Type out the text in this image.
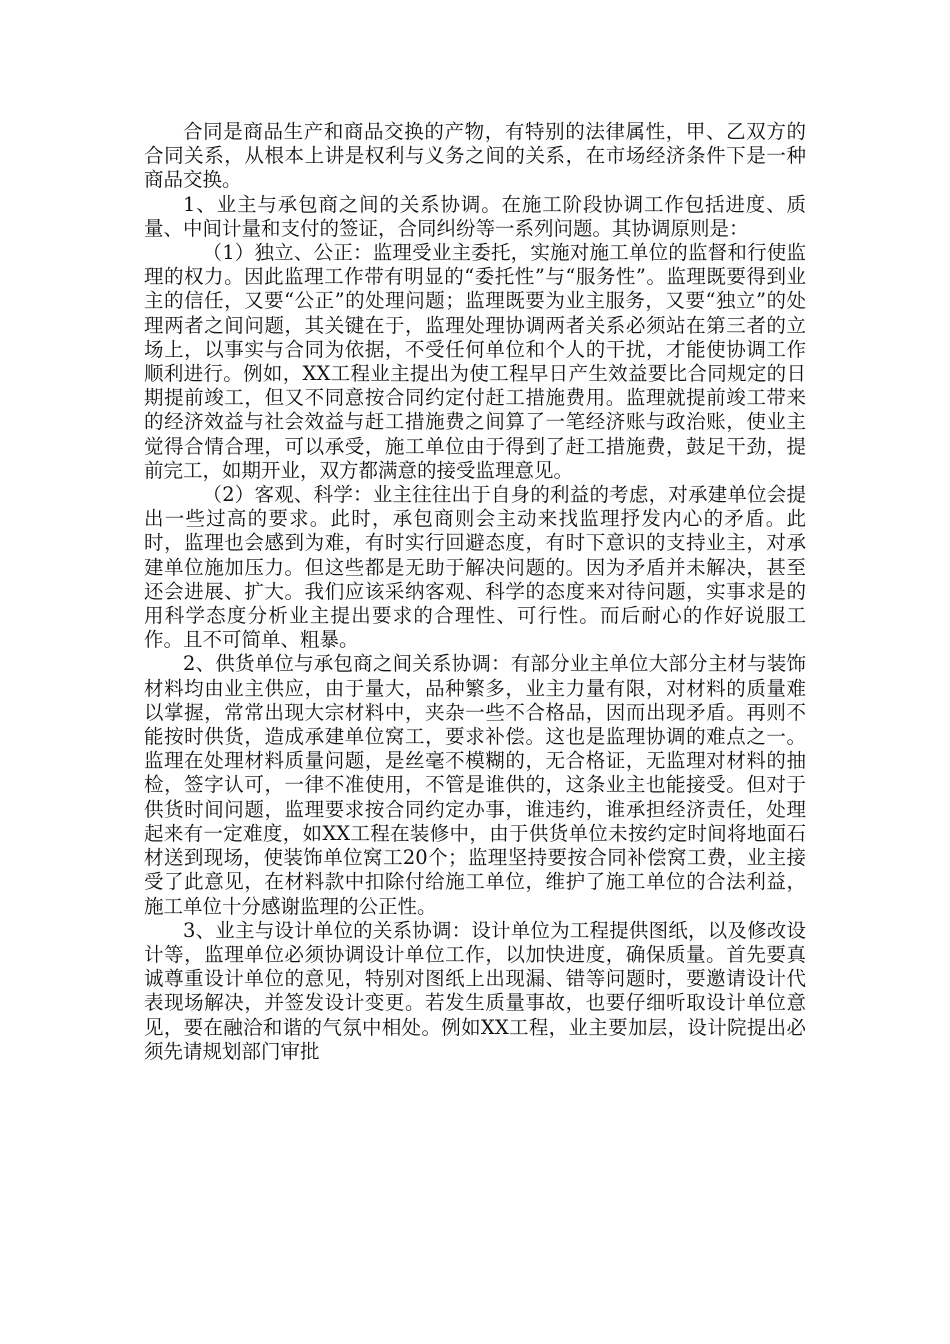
合同是商品生产和商品交换的产物，有特别的法律属性，甲、乙双方的合同关系，从根本上讲是权利与义务之间的关系，在市场经济条件下是一种商品交换。

1、业主与承包商之间的关系协调。在施工阶段协调工作包括进度、质量、中间计量和支付的签证，合同纠纷等一系列问题。其协调原则是：

（1）独立、公正：监理受业主委托，实施对施工单位的监督和行使监理的权力。因此监理工作带有明显的“委托性”与“服务性”。监理既要得到业主的信任，又要“公正”的处理问题；监理既要为业主服务，又要“独立”的处理两者之间问题，其关键在于，监理处理协调两者关系必须站在第三者的立场上，以事实与合同为依据，不受任何单位和个人的干扰，才能使协调工作顺利进行。例如，XX工程业主提出为使工程早日产生效益要比合同规定的日期提前竣工，但又不同意按合同约定付赶工措施费用。监理就提前竣工带来的经济效益与社会效益与赶工措施费之间算了一笔经济账与政治账，使业主觉得合情合理，可以承受，施工单位由于得到了赶工措施费，鼓足干劲，提前完工，如期开业，双方都满意的接受监理意见。

（2）客观、科学：业主往往出于自身的利益的考虑，对承建单位会提出一些过高的要求。此时，承包商则会主动来找监理抒发内心的矛盾。此时，监理也会感到为难，有时实行回避态度，有时下意识的支持业主，对承建单位施加压力。但这些都是无助于解决问题的。因为矛盾并未解决，甚至还会进展、扩大。我们应该采纳客观、科学的态度来对待问题，实事求是的用科学态度分析业主提出要求的合理性、可行性。而后耐心的作好说服工作。且不可简单、粗暴。

2、供货单位与承包商之间关系协调：有部分业主单位大部分主材与装饰材料均由业主供应，由于量大，品种繁多，业主力量有限，对材料的质量难以掌握，常常出现大宗材料中，夹杂一些不合格品，因而出现矛盾。再则不能按时供货，造成承建单位窝工，要求补偿。这也是监理协调的难点之一。监理在处理材料质量问题，是丝毫不模糊的，无合格证，无监理对材料的抽检，签字认可，一律不准使用，不管是谁供的，这条业主也能接受。但对于供货时间问题，监理要求按合同约定办事，谁违约，谁承担经济责任，处理起来有一定难度，如XX工程在装修中，由于供货单位未按约定时间将地面石材送到现场，使装饰单位窝工20个；监理坚持要按合同补偿窝工费，业主接受了此意见，在材料款中扣除付给施工单位，维护了施工单位的合法利益，施工单位十分感谢监理的公正性。

3、业主与设计单位的关系协调：设计单位为工程提供图纸，以及修改设计等，监理单位必须协调设计单位工作，以加快进度，确保质量。首先要真诚尊重设计单位的意见，特别对图纸上出现漏、错等问题时，要邀请设计代表现场解决，并签发设计变更。若发生质量事故，也要仔细听取设计单位意见，要在融洽和谐的气氛中相处。例如XX工程，业主要加层，设计院提出必须先请规划部门审批
